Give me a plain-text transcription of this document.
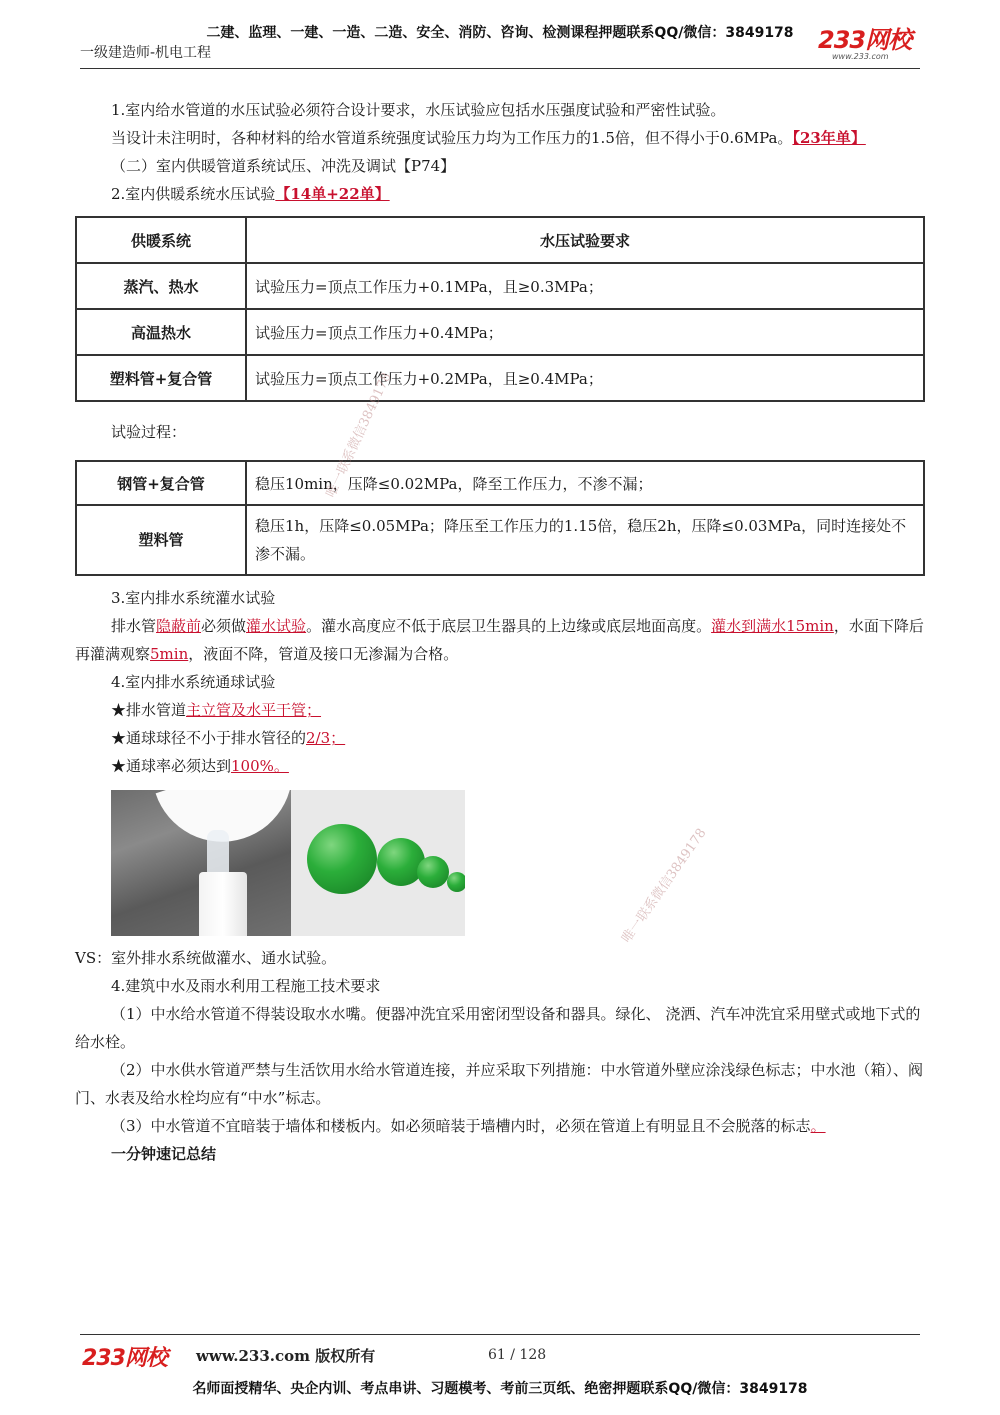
二建、监理、一建、一造、二造、安全、消防、咨询、检测课程押题联系QQ/微信：3849178
一级建造师-机电工程	233网校
www.233.com

1.室内给水管道的水压试验必须符合设计要求，水压试验应包括水压强度试验和严密性试验。

当设计未注明时，各种材料的给水管道系统强度试验压力均为工作压力的1.5倍，但不得小于0.6MPa。【23年单】

（二）室内供暖管道系统试压、冲洗及调试【P74】

2.室内供暖系统水压试验【14单+22单】

供暖系统	水压试验要求
蒸汽、热水	试验压力=顶点工作压力+0.1MPa，且≥0.3MPa；
高温热水	试验压力=顶点工作压力+0.4MPa；
塑料管+复合管	试验压力=顶点工作压力+0.2MPa，且≥0.4MPa；

试验过程：

钢管+复合管	稳压10min，压降≤0.02MPa，降至工作压力，不渗不漏；
塑料管	稳压1h，压降≤0.05MPa；降压至工作压力的1.15倍，稳压2h，压降≤0.03MPa，同时连接处不渗不漏。

3.室内排水系统灌水试验

排水管隐蔽前必须做灌水试验。灌水高度应不低于底层卫生器具的上边缘或底层地面高度。灌水到满水15min，水面下降后再灌满观察5min，液面不降，管道及接口无渗漏为合格。

4.室内排水系统通球试验

★排水管道主立管及水平干管；

★通球球径不小于排水管径的2/3；

★通球率必须达到100%。

VS：室外排水系统做灌水、通水试验。

4.建筑中水及雨水利用工程施工技术要求

（1）中水给水管道不得装设取水水嘴。便器冲洗宜采用密闭型设备和器具。绿化、 浇洒、汽车冲洗宜采用壁式或地下式的给水栓。

（2）中水供水管道严禁与生活饮用水给水管道连接，并应采取下列措施：中水管道外壁应涂浅绿色标志；中水池（箱）、阀门、水表及给水栓均应有“中水”标志。

（3）中水管道不宜暗装于墙体和楼板内。如必须暗装于墙槽内时，必须在管道上有明显且不会脱落的标志。

一分钟速记总结

唯一联系微信3849178
唯一联系微信3849178
233网校 www.233.com 版权所有	61 / 128
名师面授精华、央企内训、考点串讲、习题模考、考前三页纸、绝密押题联系QQ/微信：3849178
